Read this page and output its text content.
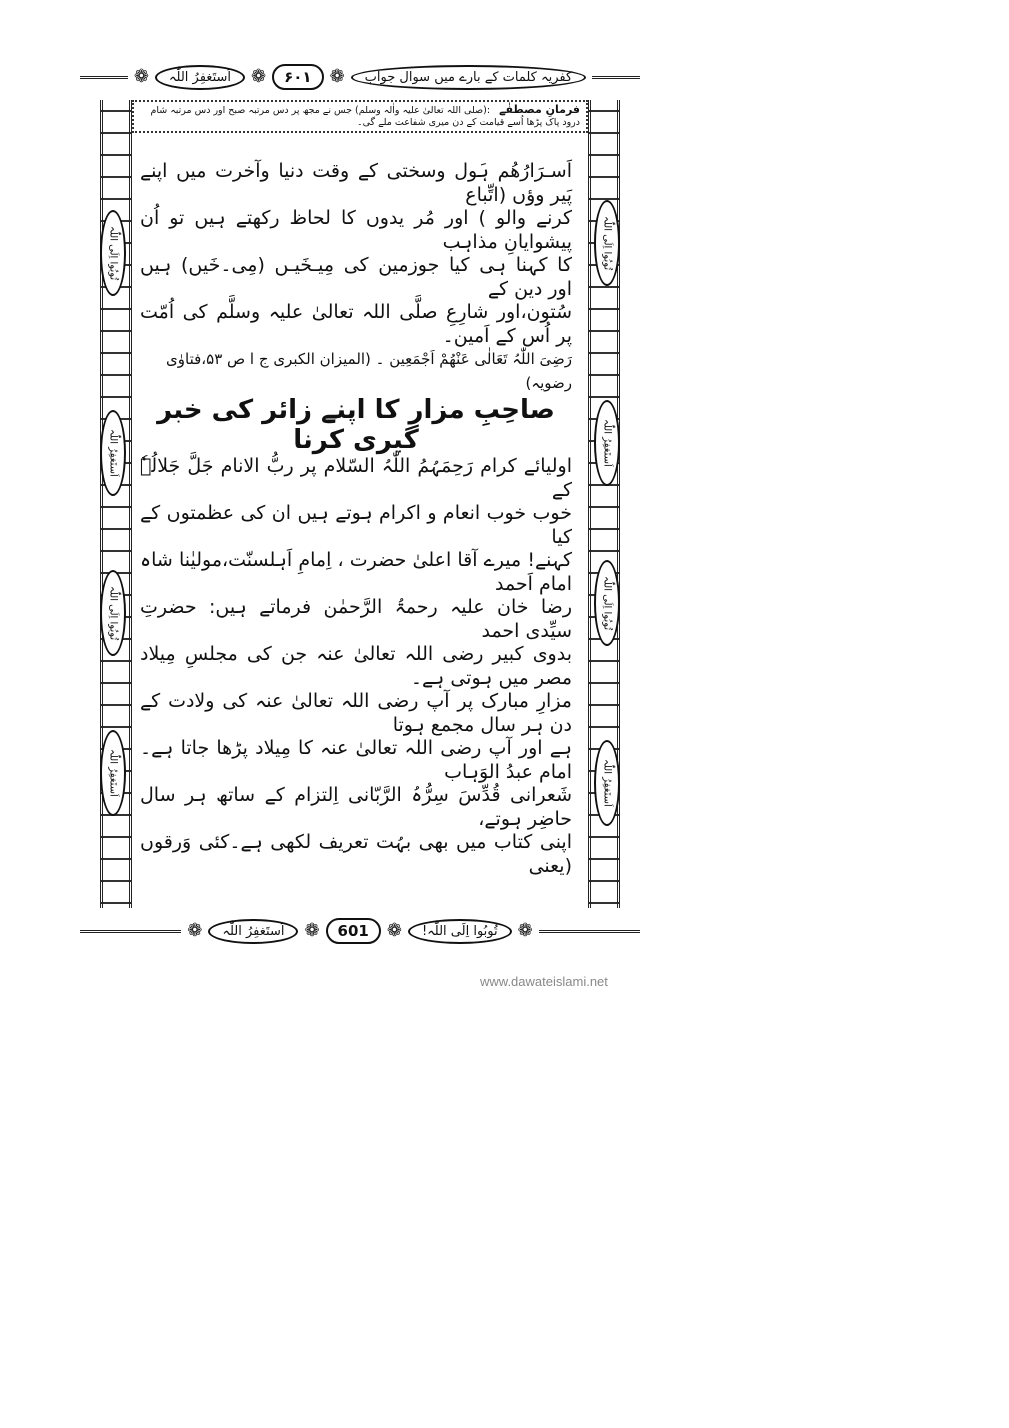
❁	اَستَغفِرُ اللّٰہ	❁	۶۰۱	❁	کفریہ کلمات کے بارے میں سوال جواب
فرمانِ مصطفٰے :(صلی اللہ تعالیٰ علیہ واٰلہ وسلم) جس نے مجھ پر دس مرتبہ صبح اور دس مرتبہ شام درود پاک پڑھا اُسے قیامت کے دن میری شفاعت ملے گی۔
تُوبُوا اِلَی اللّٰہ
اَستَغفِرُ اللّٰہ
تُوبُوا اِلَی اللّٰہ
اَستَغفِرُ اللّٰہ
تُوبُوا اِلَی اللّٰہ
اَستَغفِرُ اللّٰہ
تُوبُوا اِلَی اللّٰہ
اَستَغفِرُ اللّٰہ
اَسـرَارُھُم ہَول وسختی کے وقت دنیا وآخرت میں اپنے پَیر وؤں (اتِّباع
کرنے والو ) اور مُر یدوں کا لحاظ رکھتے ہیں تو اُن پیشوایانِ مذاہب
کا کہنا ہی کیا جوزمین کی مِیـخَیـں (مِی۔خَیں) ہیں اور دین کے
سُتون،اور شارِعِ صلَّی اللہ تعالیٰ علیہ وسلَّم کی اُمّت پر اُس کے اَمین۔
رَضِیَ اللّٰہُ تَعَالٰی عَنْهُمْ اَجْمَعِین ۔ (المیزان الکبری ج ا ص ۵۳،فتاوٰی رضویہ)
صاحِبِ مزار کا اپنے زائر کی خبر گیری کرنا
اولیائے کرام رَحِمَہُمُ اللّٰہُ السّلام پر ربُّ الانام جَلَّ جَلالُہٗ کے
خوب خوب انعام و اکرام ہوتے ہیں ان کی عظمتوں کے کیا
کہنے! میرے آقا اعلیٰ حضرت ، اِمامِ اَہلسنّت،مولیٰنا شاہ امام اَحمد
رضا خان علیہ رحمۃُ الرَّحمٰن فرماتے ہیں: حضرتِ سیِّدی احمد
بدوی کبیر رضی اللہ تعالیٰ عنہ جن کی مجلسِ مِیلاد مصر میں ہوتی ہے۔
مزارِ مبارک پر آپ رضی اللہ تعالیٰ عنہ کی ولادت کے دن ہر سال مجمع ہوتا
ہے اور آپ رضی اللہ تعالیٰ عنہ کا مِیلاد پڑھا جاتا ہے۔امام عبدُ الوَہاب
شَعرانی قُدِّسَ سِرُّہُ الرَّبّانی اِلتزام کے ساتھ ہر سال حاضِر ہوتے،
اپنی کتاب میں بھی بہُت تعریف لکھی ہے۔کئی وَرقوں (یعنی
❁	اَستَغفِرُ اللّٰہ	❁	601	❁	تُوبُوا اِلَی اللّٰہ!	❁
www.dawateislami.net
